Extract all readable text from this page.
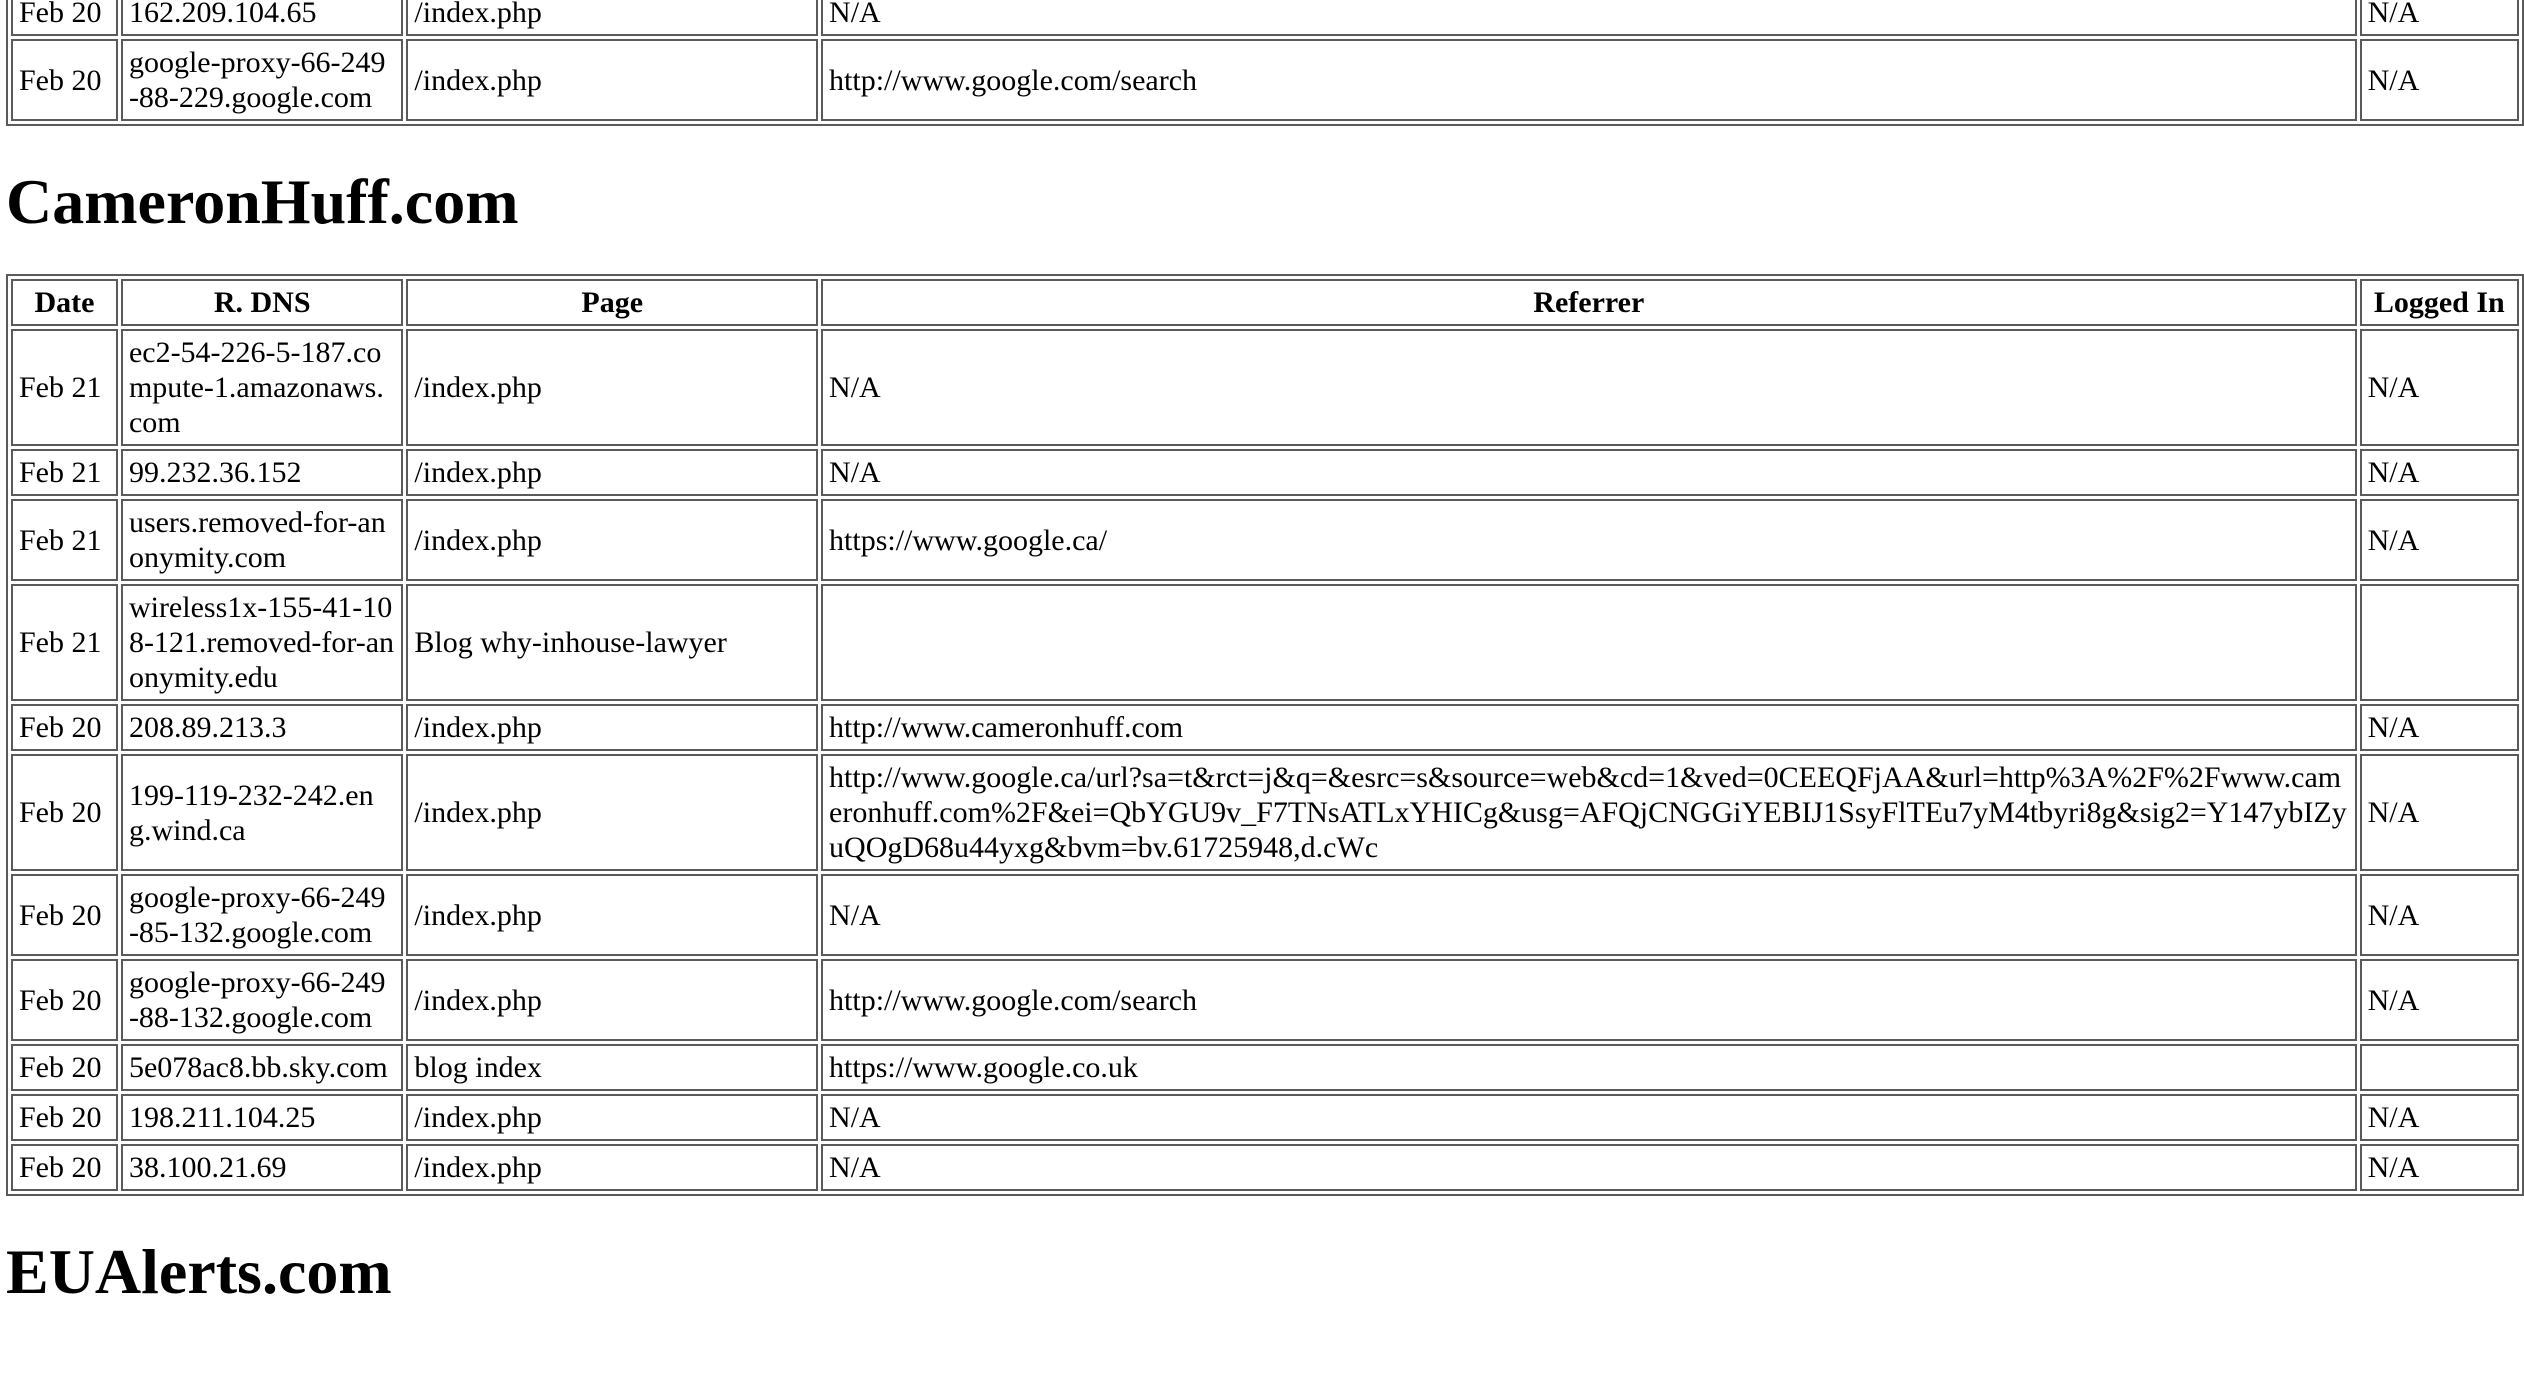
Feb 20	162.209.104.65	/index.php	N/A	N/A
Feb 20	google-proxy-66-249-88-229.google.com	/index.php	http://www.google.com/search	N/A
CameronHuff.com
Date	R. DNS	Page	Referrer	Logged In
Feb 21	ec2-54-226-5-187.compute-1.amazonaws.com	/index.php	N/A	N/A
Feb 21	99.232.36.152	/index.php	N/A	N/A
Feb 21	users.removed-for-anonymity.com	/index.php	https://www.google.ca/	N/A
Feb 21	wireless1x-155-41-108-121.removed-for-anonymity.edu	Blog why-inhouse-lawyer		
Feb 20	208.89.213.3	/index.php	http://www.cameronhuff.com	N/A
Feb 20	199-119-232-242.eng.wind.ca	/index.php	http://www.google.ca/url?sa=t&rct=j&q=&esrc=s&source=web&cd=1&ved=0CEEQFjAA&url=http%3A%2F%2Fwww.cameronhuff.com%2F&ei=QbYGU9v_F7TNsATLxYHICg&usg=AFQjCNGGiYEBIJ1SsyFlTEu7yM4tbyri8g&sig2=Y147ybIZyuQOgD68u44yxg&bvm=bv.61725948,d.cWc	N/A
Feb 20	google-proxy-66-249-85-132.google.com	/index.php	N/A	N/A
Feb 20	google-proxy-66-249-88-132.google.com	/index.php	http://www.google.com/search	N/A
Feb 20	5e078ac8.bb.sky.com	blog index	https://www.google.co.uk	
Feb 20	198.211.104.25	/index.php	N/A	N/A
Feb 20	38.100.21.69	/index.php	N/A	N/A
EUAlerts.com
